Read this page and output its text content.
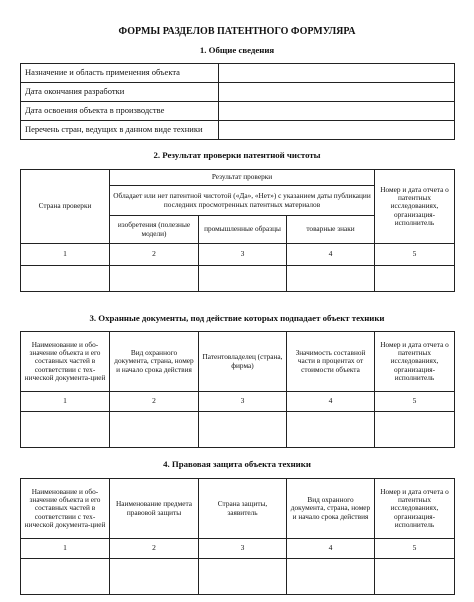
ФОРМЫ РАЗДЕЛОВ ПАТЕНТНОГО ФОРМУЛЯРА
1. Общие сведения
Назначение и область применения объекта	
Дата окончания разработки	
Дата освоения объекта в производстве	
Перечень стран, ведущих в данном виде техники	
2. Результат проверки патентной чистоты
Страна проверки	Результат проверки			Номер и дата отчета о патентных исследованиях, организация-исполнитель
	Обладает или нет патентной чистотой («Да», «Нет») с указанием даты публикации последних просмотренных патентных материалов			
	изобретения (полезные модели)	промышленные образцы	товарные знаки	
1	2	3	4	5

3. Охранные документы, под действие которых подпадает объект техники
Наименование и обо-значение объекта и его составных частей в соответствии с тех-нической документа-цией	Вид охранного документа, страна, номер и начало срока действия	Патентовладелец (страна, фирма)	Значимость составной части в процентах от стоимости объекта	Номер и дата отчета о патентных исследованиях, организация-исполнитель
1	2	3	4	5

4. Правовая защита объекта техники
Наименование и обо-значение объекта и его составных частей в соответствии с тех-нической документа-цией	Наименование предмета правовой защиты	Страна защиты, заявитель	Вид охранного документа, страна, номер и начало срока действия	Номер и дата отчета о патентных исследованиях, организация-исполнитель
1	2	3	4	5
